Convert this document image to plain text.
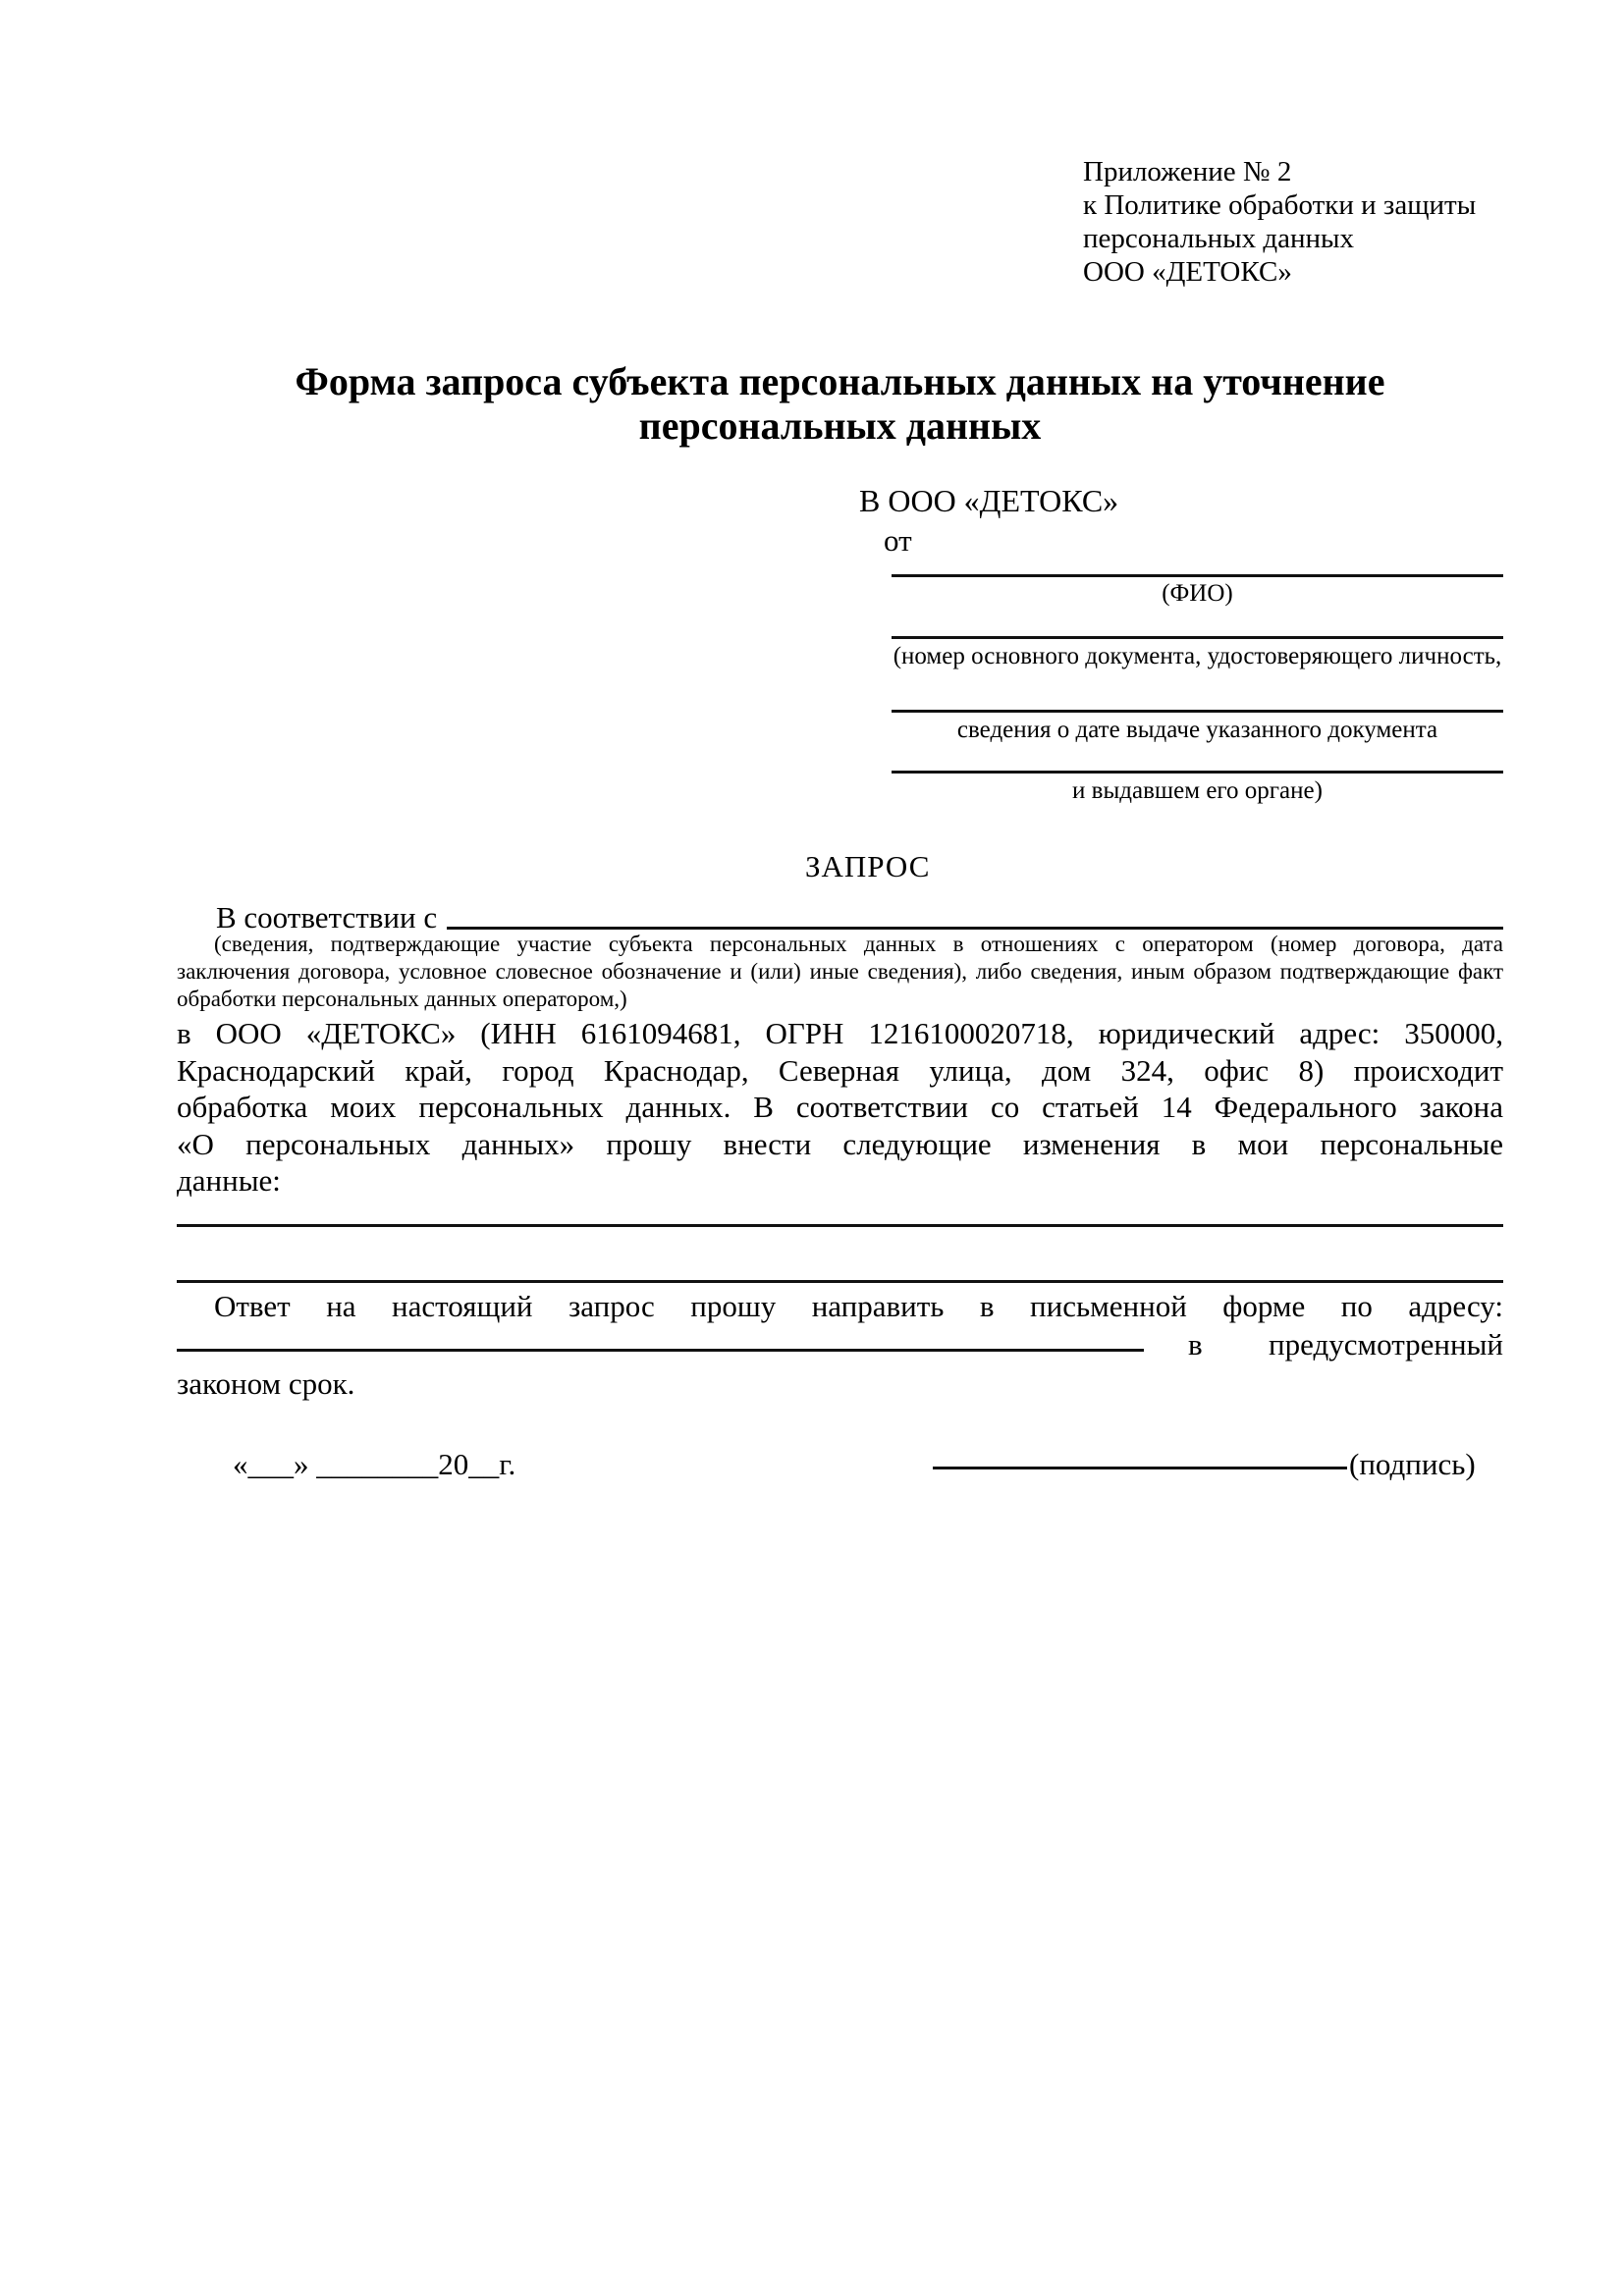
Приложение № 2
к Политике обработки и защиты
персональных данных
ООО «ДЕТОКС»
Форма запроса субъекта персональных данных на уточнение
персональных данных
В ООО «ДЕТОКС»
от
(ФИО)
(номер основного документа, удостоверяющего личность,
сведения о дате выдаче указанного документа
и выдавшем его органе)
ЗАПРОС
В соответствии с
(сведения, подтверждающие участие субъекта персональных данных в отношениях с оператором (номер договора, дата
заключения договора, условное словесное обозначение и (или) иные сведения), либо сведения, иным образом подтверждающие факт
обработки персональных данных оператором,)
в ООО «ДЕТОКС» (ИНН 6161094681, ОГРН 1216100020718, юридический адрес: 350000,
Краснодарский край, город Краснодар, Северная улица, дом 324, офис 8) происходит
обработка моих персональных данных. В соответствии со статьей 14 Федерального закона
«О персональных данных» прошу внести следующие изменения в мои персональные
данные:
Ответ на настоящий запрос прошу направить в письменной форме по адресу:
в предусмотренный
законом срок.
«___» ________20__г.	(подпись)
